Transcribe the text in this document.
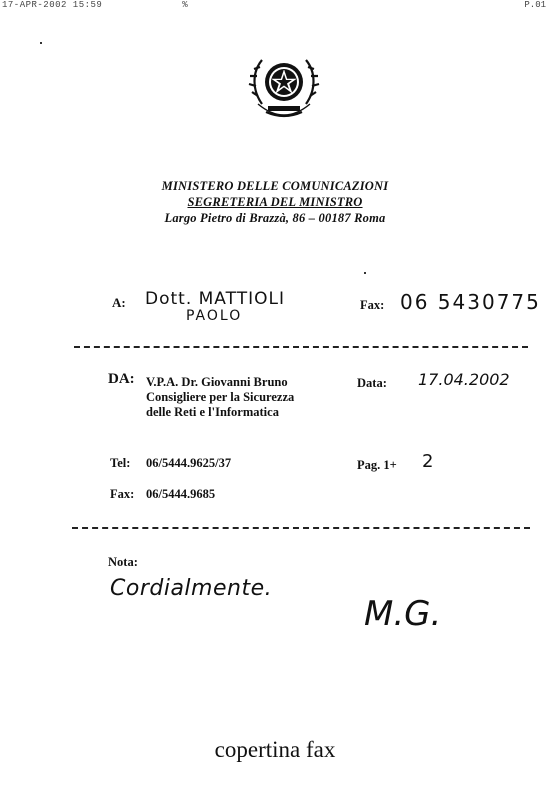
17-APR-2002 15:59	%	P.01
MINISTERO DELLE COMUNICAZIONI
SEGRETERIA DEL MINISTRO
Largo Pietro di Brazzà, 86 – 00187 Roma
A: Dott. MATTIOLI
PAOLO
Fax: 06 5430775
DA: V.P.A. Dr. Giovanni Bruno
Consigliere per la Sicurezza
delle Reti e l'Informatica
Data: 17.04.2002
Tel: 06/5444.9625/37	Pag. 1+ 2
Fax: 06/5444.9685
Nota:
Cordialmente.
M.G.
copertina fax
